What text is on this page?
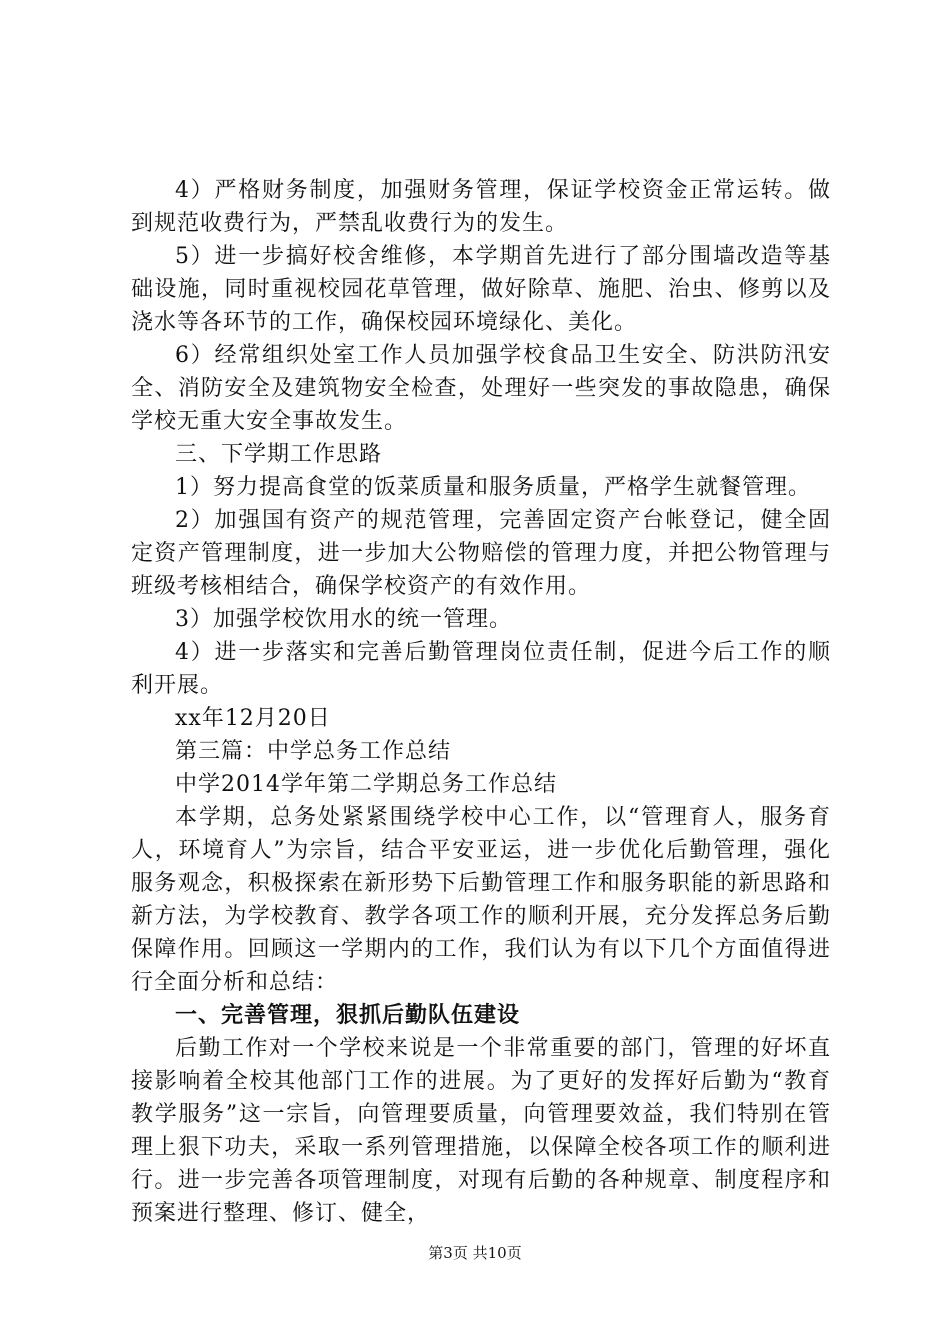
4）严格财务制度，加强财务管理，保证学校资金正常运转。做到规范收费行为，严禁乱收费行为的发生。

5）进一步搞好校舍维修，本学期首先进行了部分围墙改造等基础设施，同时重视校园花草管理，做好除草、施肥、治虫、修剪以及浇水等各环节的工作，确保校园环境绿化、美化。

6）经常组织处室工作人员加强学校食品卫生安全、防洪防汛安全、消防安全及建筑物安全检查，处理好一些突发的事故隐患，确保学校无重大安全事故发生。

三、下学期工作思路

1）努力提高食堂的饭菜质量和服务质量，严格学生就餐管理。

2）加强国有资产的规范管理，完善固定资产台帐登记，健全固定资产管理制度，进一步加大公物赔偿的管理力度，并把公物管理与班级考核相结合，确保学校资产的有效作用。

3）加强学校饮用水的统一管理。

4）进一步落实和完善后勤管理岗位责任制，促进今后工作的顺利开展。

xx年12月20日

第三篇：中学总务工作总结

中学2014学年第二学期总务工作总结

本学期，总务处紧紧围绕学校中心工作，以“管理育人，服务育人，环境育人”为宗旨，结合平安亚运，进一步优化后勤管理，强化服务观念，积极探索在新形势下后勤管理工作和服务职能的新思路和新方法，为学校教育、教学各项工作的顺利开展，充分发挥总务后勤保障作用。回顾这一学期内的工作，我们认为有以下几个方面值得进行全面分析和总结：

一、完善管理，狠抓后勤队伍建设

后勤工作对一个学校来说是一个非常重要的部门，管理的好坏直接影响着全校其他部门工作的进展。为了更好的发挥好后勤为“教育教学服务”这一宗旨，向管理要质量，向管理要效益，我们特别在管理上狠下功夫，采取一系列管理措施，以保障全校各项工作的顺利进行。进一步完善各项管理制度，对现有后勤的各种规章、制度程序和预案进行整理、修订、健全，

第3页 共10页
